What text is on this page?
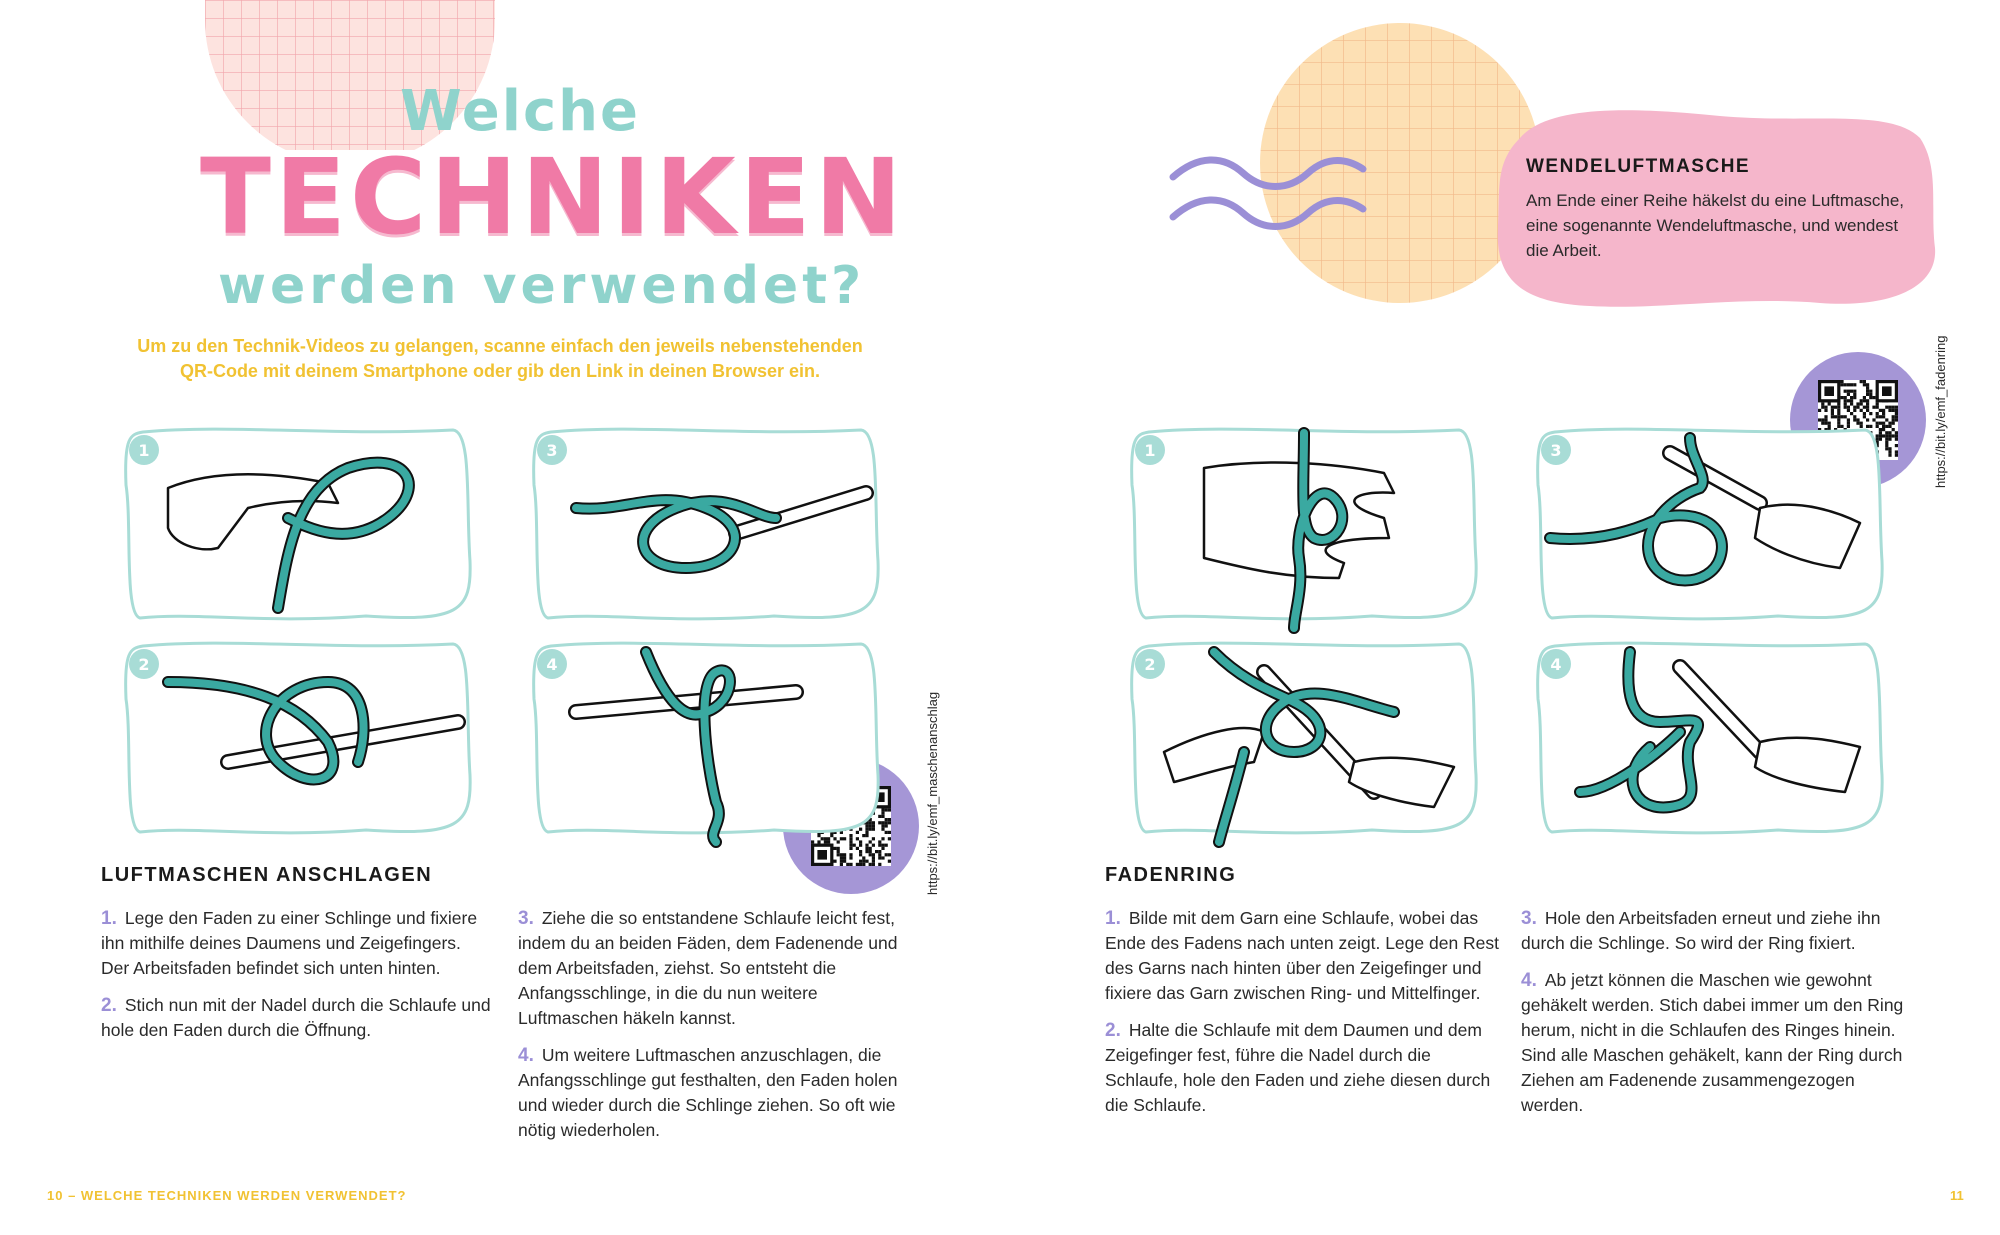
Welche
TECHNIKEN
werden verwendet?
Um zu den Technik-Videos zu gelangen, scanne einfach den jeweils nebenstehenden
QR-Code mit deinem Smartphone oder gib den Link in deinen Browser ein.
https://bit.ly/emf_maschenanschlag
LUFTMASCHEN ANSCHLAGEN

1. Lege den Faden zu einer Schlinge und fixiere ihn mithilfe deines Daumens und Zeigefingers. Der Arbeitsfaden befindet sich unten hinten.

2. Stich nun mit der Nadel durch die Schlaufe und hole den Faden durch die Öffnung.

3. Ziehe die so entstandene Schlaufe leicht fest, indem du an beiden Fäden, dem Fadenende und dem Arbeitsfaden, ziehst. So entsteht die Anfangsschlinge, in die du nun weitere Luftmaschen häkeln kannst.

4. Um weitere Luftmaschen anzuschlagen, die Anfangsschlinge gut festhalten, den Faden holen und wieder durch die Schlinge ziehen. So oft wie nötig wiederholen.

10 – WELCHE TECHNIKEN WERDEN VERWENDET?
WENDELUFTMASCHE
Am Ende einer Reihe häkelst du eine Luftmasche, eine sogenannte Wendeluftmasche, und wendest die Arbeit.
https://bit.ly/emf_fadenring
FADENRING

1. Bilde mit dem Garn eine Schlaufe, wobei das Ende des Fadens nach unten zeigt. Lege den Rest des Garns nach hinten über den Zeigefinger und fixiere das Garn zwischen Ring- und Mittelfinger.

2. Halte die Schlaufe mit dem Daumen und dem Zeigefinger fest, führe die Nadel durch die Schlaufe, hole den Faden und ziehe diesen durch die Schlaufe.

3. Hole den Arbeitsfaden erneut und ziehe ihn durch die Schlinge. So wird der Ring fixiert.

4. Ab jetzt können die Maschen wie gewohnt gehäkelt werden. Stich dabei immer um den Ring herum, nicht in die Schlaufen des Ringes hinein. Sind alle Maschen gehäkelt, kann der Ring durch Ziehen am Fadenende zusammengezogen werden.

11
1	3
2	4
1	3
2	4
